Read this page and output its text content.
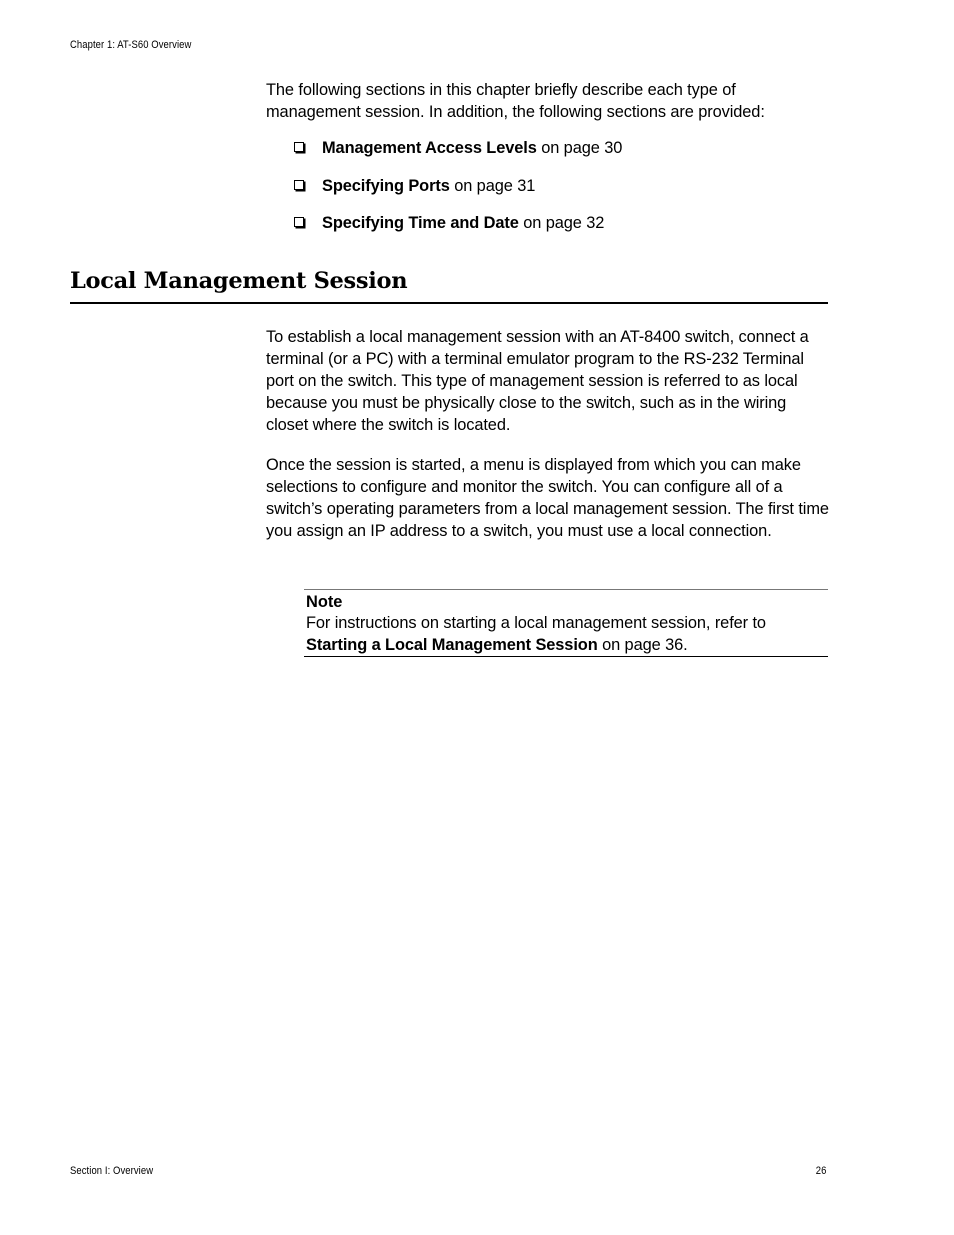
Chapter 1: AT-S60 Overview
The following sections in this chapter briefly describe each type of management session. In addition, the following sections are provided:
Management Access Levels on page 30
Specifying Ports on page 31
Specifying Time and Date on page 32
Local Management Session
To establish a local management session with an AT-8400 switch, connect a terminal (or a PC) with a terminal emulator program to the RS-232 Terminal port on the switch. This type of management session is referred to as local because you must be physically close to the switch, such as in the wiring closet where the switch is located.
Once the session is started, a menu is displayed from which you can make selections to configure and monitor the switch. You can configure all of a switch’s operating parameters from a local management session. The first time you assign an IP address to a switch, you must use a local connection.
Note
For instructions on starting a local management session, refer to Starting a Local Management Session on page 36.
Section I: Overview	26
